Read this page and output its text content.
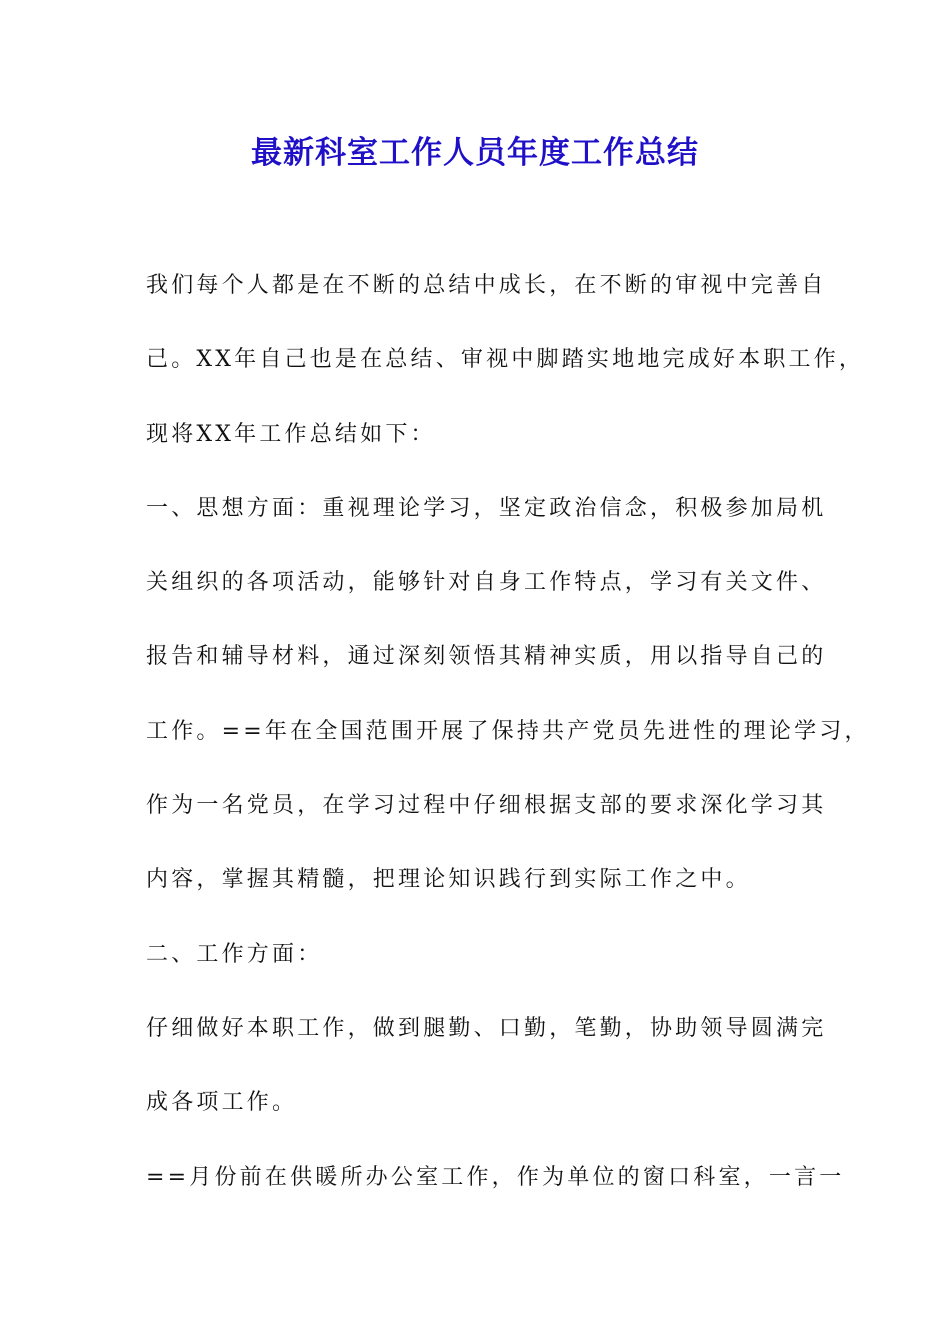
最新科室工作人员年度工作总结
我们每个人都是在不断的总结中成长，在不断的审视中完善自
己。XX年自己也是在总结、审视中脚踏实地地完成好本职工作，
现将XX年工作总结如下：
一、思想方面：重视理论学习，坚定政治信念，积极参加局机
关组织的各项活动，能够针对自身工作特点，学习有关文件、
报告和辅导材料，通过深刻领悟其精神实质，用以指导自己的
工作。==年在全国范围开展了保持共产党员先进性的理论学习，
作为一名党员，在学习过程中仔细根据支部的要求深化学习其
内容，掌握其精髓，把理论知识践行到实际工作之中。
二、工作方面：
仔细做好本职工作，做到腿勤、口勤，笔勤，协助领导圆满完
成各项工作。
==月份前在供暖所办公室工作，作为单位的窗口科室，一言一
